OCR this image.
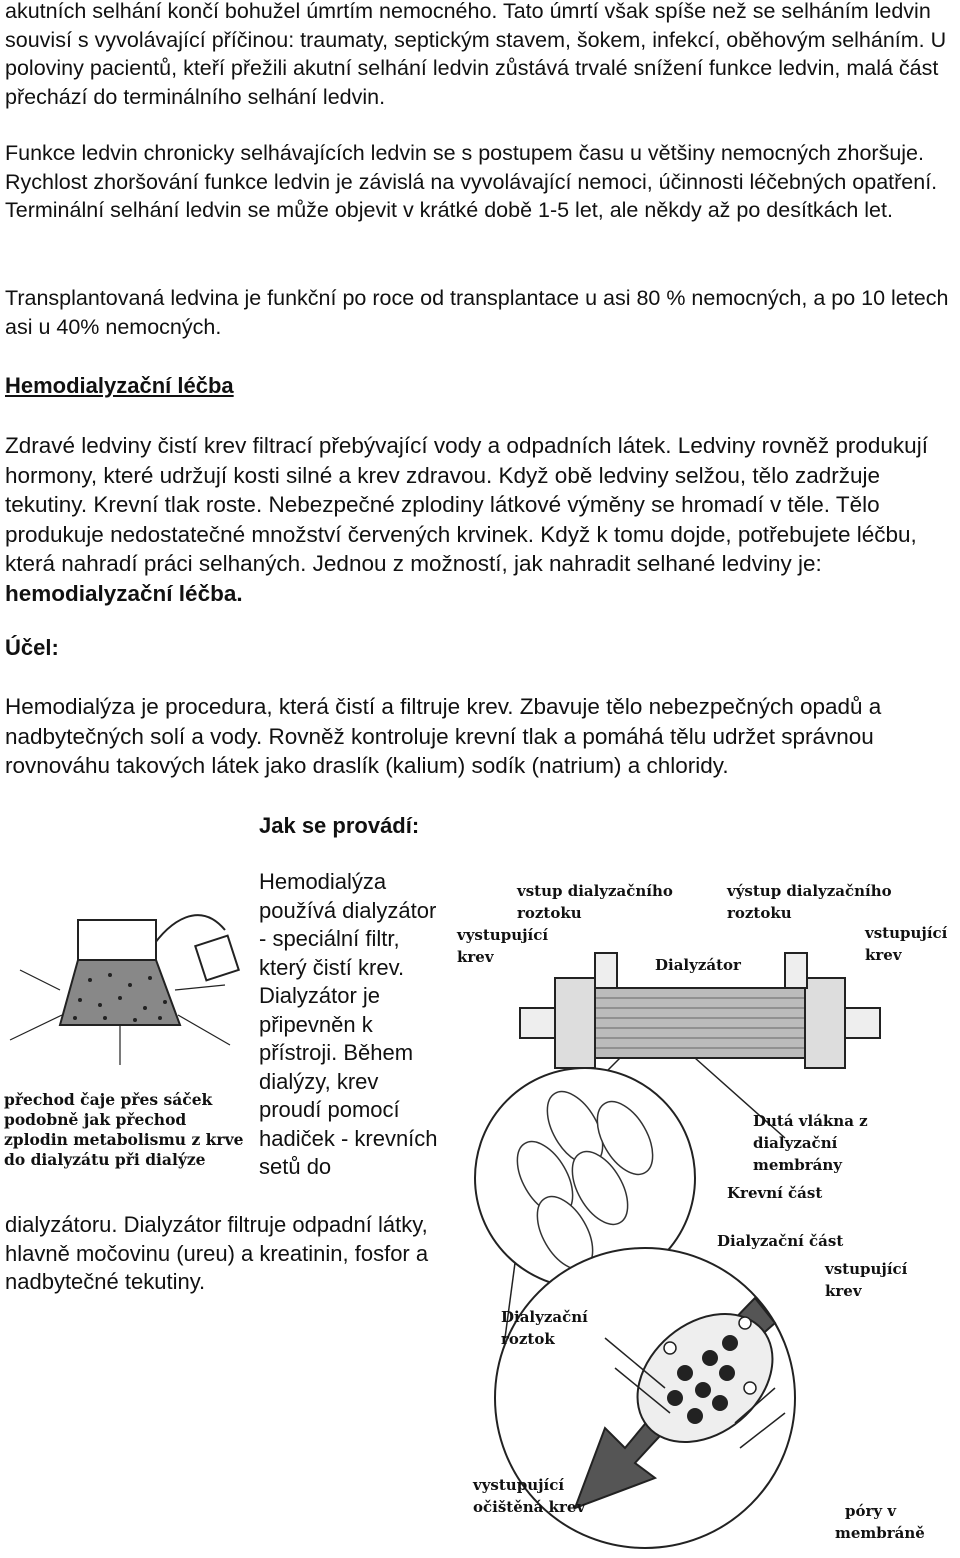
akutních selhání končí bohužel úmrtím nemocného. Tato úmrtí však spíše než se selháním ledvin souvisí s vyvolávající příčinou: traumaty, septickým stavem, šokem, infekcí, oběhovým selháním. U poloviny pacientů, kteří přežili akutní selhání ledvin zůstává trvalé snížení funkce ledvin, malá část přechází do terminálního selhání ledvin.

Funkce ledvin chronicky selhávajících ledvin se s postupem času u většiny nemocných zhoršuje. Rychlost zhoršování funkce ledvin je závislá na vyvolávající nemoci, účinnosti léčebných opatření. Terminální selhání ledvin se může objevit v krátké době 1-5 let, ale někdy až po desítkách let.

Transplantovaná ledvina je funkční po roce od transplantace u asi 80 % nemocných, a po 10 letech asi u 40% nemocných.

Hemodialyzační léčba

Zdravé ledviny čistí krev filtrací přebývající vody a odpadních látek. Ledviny rovněž produkují hormony, které udržují kosti silné a krev zdravou. Když obě ledviny selžou, tělo zadržuje tekutiny. Krevní tlak roste. Nebezpečné zplodiny látkové výměny se hromadí v těle. Tělo produkuje nedostatečné množství červených krvinek. Když k tomu dojde, potřebujete léčbu, která nahradí práci selhaných. Jednou z možností, jak nahradit selhané ledviny je: hemodialyzační léčba.

Účel:

Hemodialýza je procedura, která čistí a filtruje krev. Zbavuje tělo nebezpečných opadů a nadbytečných solí a vody. Rovněž kontroluje krevní tlak a pomáhá tělu udržet správnou rovnováhu takových látek jako draslík (kalium) sodík (natrium) a chloridy.

Jak se provádí:
Hemodialýza používá dialyzátor - speciální filtr, který čistí krev. Dialyzátor je připevněn k přístroji. Během dialýzy, krev proudí pomocí hadiček - krevních setů do

dialyzátoru. Dialyzátor filtruje odpadní látky, hlavně močovinu (ureu) a kreatinin, fosfor a nadbytečné tekutiny.

přechod čaje přes sáček
podobně jak přechod
zplodin metabolismu z krve
do dialyzátu při dialýze
vstup dialyzačního
roztoku
výstup dialyzačního
roztoku
vystupující
krev
vstupující
krev
Dialyzátor
Dutá vlákna z
dialyzační
membrány
Krevní část
Dialyzační část
vstupující
krev
Dialyzační
roztok
vystupující
očištěná krev	póry v
membráně
